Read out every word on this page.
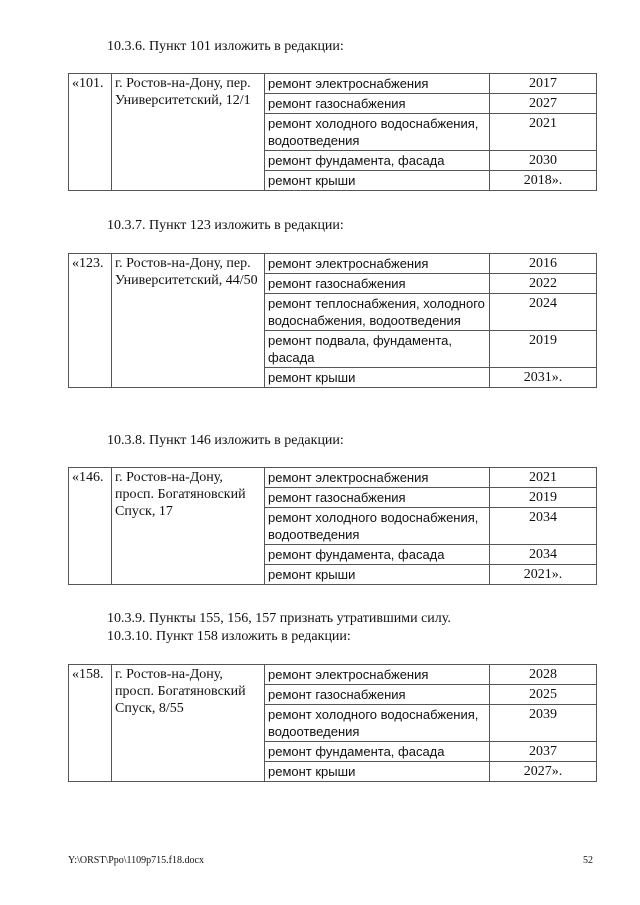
10.3.6. Пункт 101 изложить в редакции:
«101.	г. Ростов-на-Дону, пер. Университетский, 12/1	ремонт электроснабжения	2017
		ремонт газоснабжения	2027
		ремонт холодного водоснабжения, водоотведения	2021
		ремонт фундамента, фасада	2030
		ремонт крыши	2018».
10.3.7. Пункт 123 изложить в редакции:
«123.	г. Ростов-на-Дону, пер. Университетский, 44/50	ремонт электроснабжения	2016
		ремонт газоснабжения	2022
		ремонт теплоснабжения, холодного водоснабжения, водоотведения	2024
		ремонт подвала, фундамента, фасада	2019
		ремонт крыши	2031».
10.3.8. Пункт 146 изложить в редакции:
«146.	г. Ростов-на-Дону, просп. Богатяновский Спуск, 17	ремонт электроснабжения	2021
		ремонт газоснабжения	2019
		ремонт холодного водоснабжения, водоотведения	2034
		ремонт фундамента, фасада	2034
		ремонт крыши	2021».
10.3.9. Пункты 155, 156, 157 признать утратившими силу.
10.3.10. Пункт 158 изложить в редакции:
«158.	г. Ростов-на-Дону, просп. Богатяновский Спуск, 8/55	ремонт электроснабжения	2028
		ремонт газоснабжения	2025
		ремонт холодного водоснабжения, водоотведения	2039
		ремонт фундамента, фасада	2037
		ремонт крыши	2027».
Y:\ORST\Ppo\1109p715.f18.docx	52
